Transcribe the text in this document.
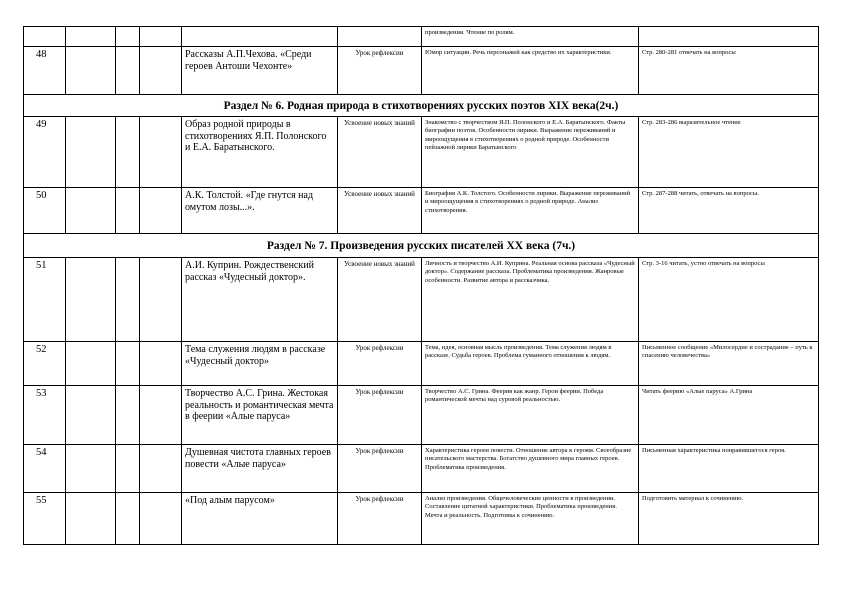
						произведения. Чтение по ролям.	
48				Рассказы А.П.Чехова. «Среди героев Антоши Чехонте»	Урок рефлексии	Юмор ситуации. Речь персонажей как средство их характеристики.	Стр. 280-281 отвечать на вопросы
Раздел № 6. Родная природа в стихотворениях русских поэтов XIX века(2ч.)							
49				Образ родной природы в стихотворениях Я.П. Полонского и Е.А. Баратынского.	Усвоение новых знаний	Знакомство с творчеством Я.П. Полонского и Е.А. Баратынского. Факты биографии поэтов. Особенности лирики. Выражение переживаний и мироощущения в стихотворениях о родной природе. Особенности пейзажной лирики Баратынского	Стр. 283-286 выразительное чтение
50				А.К. Толстой. «Где гнутся над омутом лозы...».	Усвоение новых знаний	Биография А.К. Толстого. Особенности лирики. Выражение переживаний и мироощущения в стихотворениях о родной природе. Анализ стихотворения.	Стр. 287-288 читать, отвечать на вопросы.
Раздел № 7. Произведения русских писателей XX века (7ч.)							
51				А.И. Куприн. Рождественский рассказ «Чудесный доктор».	Усвоение новых знаний	Личность и творчество А.И. Куприна. Реальная основа рассказа «Чудесный доктор». Содержание рассказа. Проблематика произведения. Жанровые особенности. Развитие автора и рассказчика.	Стр. 3-16 читать, устно отвечать на вопросы
52				Тема служения людям в рассказе «Чудесный доктор»	Урок рефлексии	Тема, идея, основная мысль произведения. Тема служения людям в рассказе. Судьба героев. Проблема гуманного отношения к людям.	Письменное сообщение «Милосердие и сострадание – путь к спасению человечества»
53				Творчество А.С. Грина. Жестокая реальность и романтическая мечта в феерии «Алые паруса»	Урок рефлексии	Творчество А.С. Грина. Феерия как жанр. Герои феерии. Победа романтической мечты над суровой реальностью.	Читать феерию «Алые паруса» А.Грина
54				Душевная чистота главных героев повести «Алые паруса»	Урок рефлексии	Характеристика героев повести. Отношение автора к героям. Своеобразие писательского мастерства. Богатство душевного мира главных героев. Проблематика произведения.	Письменная характеристика понравившегося героя.
55				«Под алым парусом»	Урок рефлексии	Анализ произведения. Общечеловеческие ценности в произведении. Составление цитатной характеристики. Проблематика произведения. Мечта и реальность. Подготовка к сочинению.	Подготовить материал к сочинению.
